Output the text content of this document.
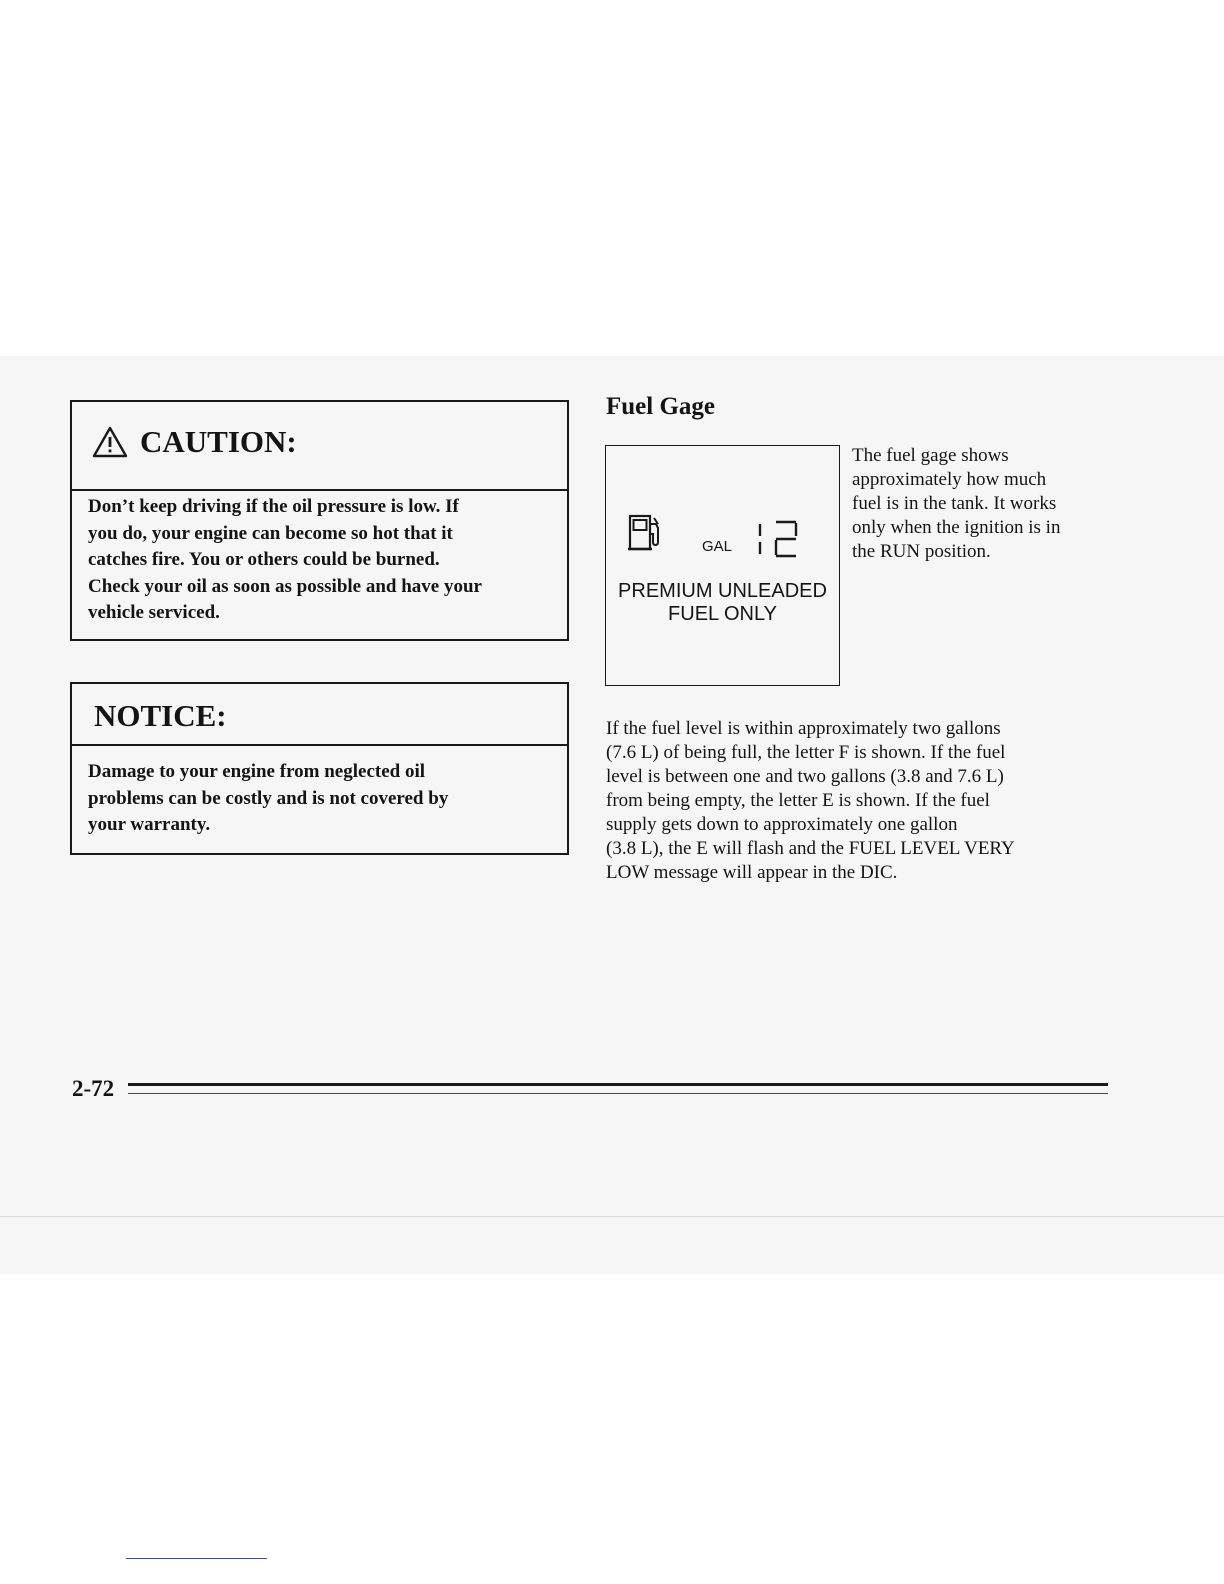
CAUTION:
Don’t keep driving if the oil pressure is low. If
you do, your engine can become so hot that it
catches fire. You or others could be burned.
Check your oil as soon as possible and have your
vehicle serviced.
NOTICE:
Damage to your engine from neglected oil
problems can be costly and is not covered by
your warranty.
Fuel Gage
GAL
12
PREMIUM UNLEADED
FUEL ONLY
The fuel gage shows
approximately how much
fuel is in the tank. It works
only when the ignition is in
the RUN position.
If the fuel level is within approximately two gallons
(7.6 L) of being full, the letter F is shown. If the fuel
level is between one and two gallons (3.8 and 7.6 L)
from being empty, the letter E is shown. If the fuel
supply gets down to approximately one gallon
(3.8 L), the E will flash and the FUEL LEVEL VERY
LOW message will appear in the DIC.
2-72
